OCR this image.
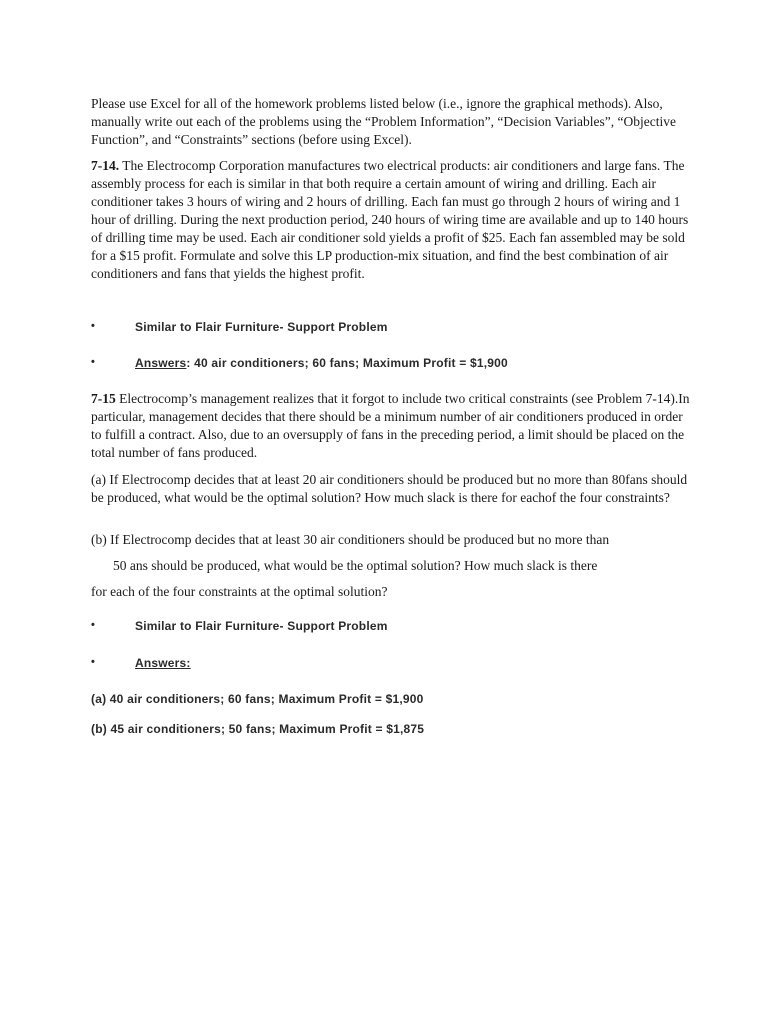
Please use Excel for all of the homework problems listed below (i.e., ignore the graphical methods). Also, manually write out each of the problems using the “Problem Information”, “Decision Variables”, “Objective Function”, and “Constraints” sections (before using Excel).

7-14. The Electrocomp Corporation manufactures two electrical products: air conditioners and large fans. The assembly process for each is similar in that both require a certain amount of wiring and drilling. Each air conditioner takes 3 hours of wiring and 2 hours of drilling. Each fan must go through 2 hours of wiring and 1 hour of drilling. During the next production period, 240 hours of wiring time are available and up to 140 hours of drilling time may be used. Each air conditioner sold yields a profit of $25. Each fan assembled may be sold for a $15 profit. Formulate and solve this LP production-mix situation, and find the best combination of air conditioners and fans that yields the highest profit.

•	Similar to Flair Furniture- Support Problem
•	Answers: 40 air conditioners; 60 fans; Maximum Profit = $1,900

7-15 Electrocomp’s management realizes that it forgot to include two critical constraints (see Problem 7-14).In particular, management decides that there should be a minimum number of air conditioners produced in order to fulfill a contract. Also, due to an oversupply of fans in the preceding period, a limit should be placed on the total number of fans produced.

(a) If Electrocomp decides that at least 20 air conditioners should be produced but no more than 80fans should be produced, what would be the optimal solution? How much slack is there for eachof the four constraints?

(b) If Electrocomp decides that at least 30 air conditioners should be produced but no more than

50 ans should be produced, what would be the optimal solution? How much slack is there

for each of the four constraints at the optimal solution?

•	Similar to Flair Furniture- Support Problem
•	Answers:
(a) 40 air conditioners; 60 fans; Maximum Profit = $1,900
(b) 45 air conditioners; 50 fans; Maximum Profit = $1,875
